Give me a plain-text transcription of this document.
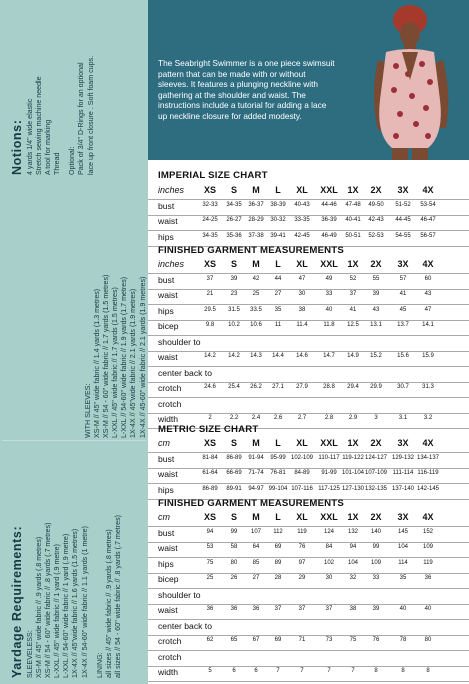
Notions: 4 yards 1/4" wide elastic Stretch sewing machine needle A tool for marking Thread Optional: Pack of 3/4" D-Rings for an optional lace up front closure . Soft foam cups.
Yardage Requirements: SLEEVELESS: XS-M // 45" wide fabric // .9 yards (.8 metres) XS-M // 54 - 60" wide fabric // .8 yards (.7 metres) L-XXL // 45" wide fabric // 1 yard (.9 metre) L-XXL // 54-60" wide fabric // 1 yard (.9 metre) 1X-4X // 45"wide fabric // 1.6 yards (1.5 metres) 1X-4X // 54-60" wide fabric // 1.1 yards (1 metre) LINING: all sizes // 45" wide fabric // .9 yards (.8 metres) all sizes // 54 - 60" wide fabric // .8 yards (.7 metres)
WITH SLEEVES: XS-M // 45" wide fabric // 1.4 yards (1.3 metres) XS-M // 54 - 60" wide fabric // 1.7 yards (1.5 metres) L-XXL // 45" wide fabric // 1.7 yards (1.5 metres) L-XXL // 54-60" wide fabric // 1.9 yards (1.7 metres) 1X-4X // 45"wide fabric // 2.1 yards (1.9 metres) 1X-4X // 45-60" wide fabric // 2.1 yards (1.9 metres)
The Seabright Swimmer is a one piece swimsuit pattern that can be made with or without sleeves. It features a plunging neckline with gathering at the shoulder and waist. The instructions include a tutorial for adding a lace up neckline closure for added modesty.
IMPERIAL SIZE CHART
inches	XS	S	M	L	XL	XXL	1X	2X	3X	4X
bust	32-33	34-35	36-37	38-39	40-43	44-46	47-48	49-50	51-52	53-54
waist	24-25	26-27	28-29	30-32	33-35	36-39	40-41	42-43	44-45	46-47
hips	34-35	35-36	37-38	39-41	42-45	46-49	50-51	52-53	54-55	56-57
FINISHED GARMENT MEASUREMENTS
inches	XS	S	M	L	XL	XXL	1X	2X	3X	4X
bust	37	39	42	44	47	49	52	55	57	60
waist	21	23	25	27	30	33	37	39	41	43
hips	29.5	31.5	33.5	35	38	40	41	43	45	47
bicep	9.8	10.2	10.6	11	11.4	11.8	12.5	13.1	13.7	14.1
shoulder to
waist	14.2	14.2	14.3	14.4	14.6	14.7	14.9	15.2	15.6	15.9
center back to
crotch	24.6	25.4	26.2	27.1	27.9	28.8	29.4	29.9	30.7	31.3
crotch
width	2	2.2	2.4	2.6	2.7	2.8	2.9	3	3.1	3.2
METRIC SIZE CHART
cm	XS	S	M	L	XL	XXL	1X	2X	3X	4X
bust	81-84	86-89	91-94	95-99 102-109 110-117 119-122 124-127 129-132 134-137
waist	61-64	66-69	71-74	76-81	84-89	91-99 101-104 107-109 111-114 116-119
hips	86-89	89-91	94-97 99-104 107-116 117-125 127-130 132-135 137-140 142-145
FINISHED GARMENT MEASUREMENTS
cm	XS	S	M	L	XL	XXL	1X	2X	3X	4X
bust	94	99	107	112	119	124	132	140	145	152
waist	53	58	64	69	76	84	94	99	104	109
hips	75	80	85	89	97	102	104	109	114	119
bicep	25	26	27	28	29	30	32	33	35	36
shoulder to
waist	36	36	36	37	37	37	38	39	40	40
center back to
crotch	62	65	67	69	71	73	75	76	78	80
crotch
width	5	6	6	7	7	7	7	8	8	8
